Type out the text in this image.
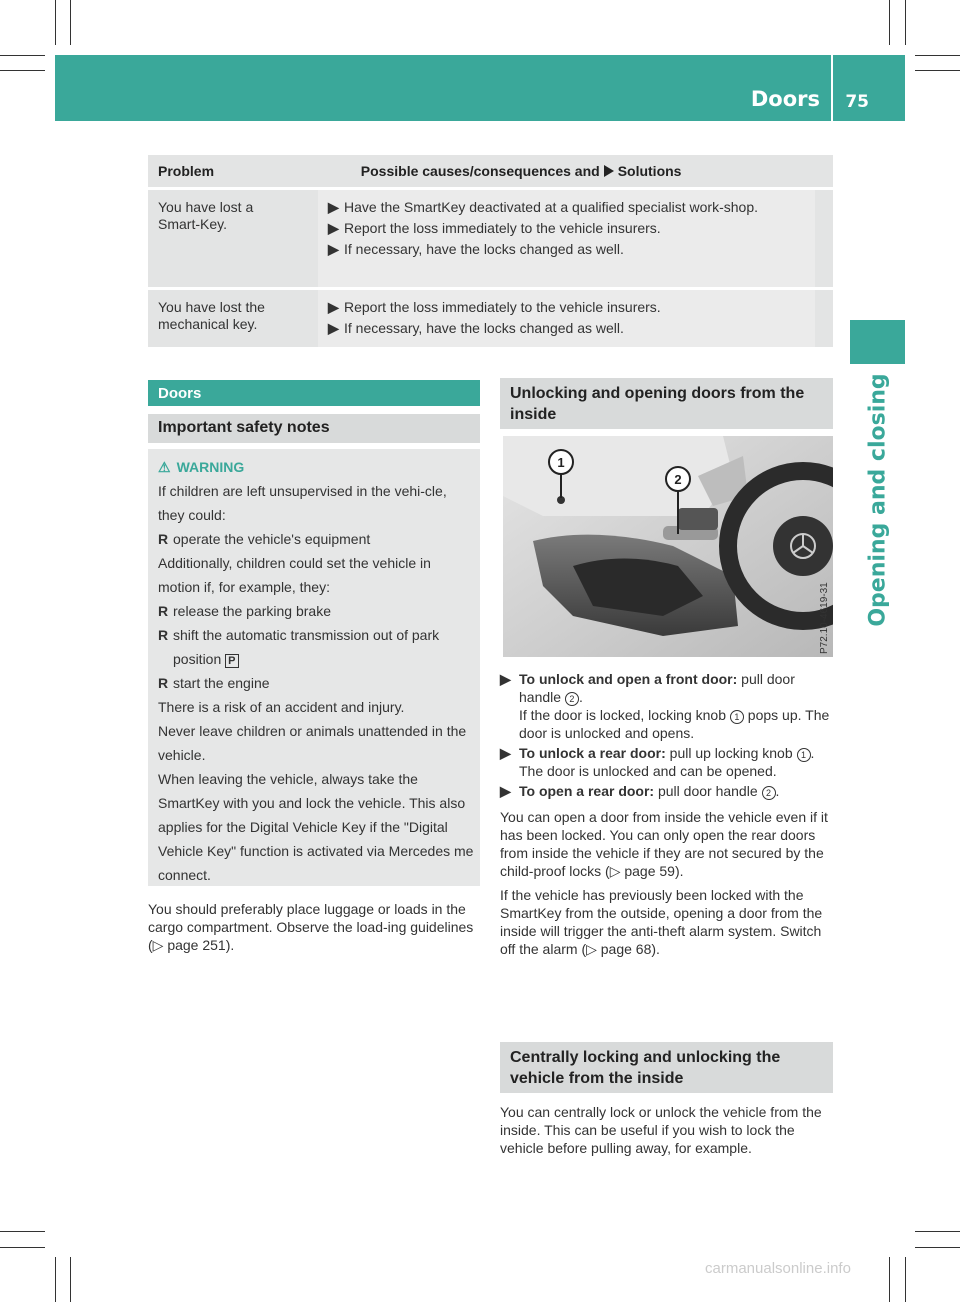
Doors 75
Opening and closing
Problem	Possible causes/consequences and Solutions
You have lost a Smart-Key.
▶ Have the SmartKey deactivated at a qualified specialist work-shop.
▶ Report the loss immediately to the vehicle insurers.
▶ If necessary, have the locks changed as well.
You have lost the mechanical key.
▶ Report the loss immediately to the vehicle insurers.
▶ If necessary, have the locks changed as well.
Doors
Important safety notes
⚠ WARNING
If children are left unsupervised in the vehi-cle, they could:
R operate the vehicle's equipment
Additionally, children could set the vehicle in motion if, for example, they:
R release the parking brake
R shift the automatic transmission out of park position P
R start the engine
There is a risk of an accident and injury.
Never leave children or animals unattended in the vehicle.
When leaving the vehicle, always take the SmartKey with you and lock the vehicle. This also applies for the Digital Vehicle Key if the "Digital Vehicle Key" function is activated via Mercedes me connect.
You should preferably place luggage or loads in the cargo compartment. Observe the load-ing guidelines (▷ page 251).
Unlocking and opening doors from the inside
1
2
P72.10-4619-31
▶ To unlock and open a front door: pull door handle 2 .
If the door is locked, locking knob 1 pops up. The door is unlocked and opens.
▶ To unlock a rear door: pull up locking knob 1 .
The door is unlocked and can be opened.
▶ To open a rear door: pull door handle 2 .

You can open a door from inside the vehicle even if it has been locked. You can only open the rear doors from inside the vehicle if they are not secured by the child-proof locks (▷ page 59).

If the vehicle has previously been locked with the SmartKey from the outside, opening a door from the inside will trigger the anti-theft alarm system. Switch off the alarm (▷ page 68).

Centrally locking and unlocking the vehicle from the inside
You can centrally lock or unlock the vehicle from the inside. This can be useful if you wish to lock the vehicle before pulling away, for example.
carmanualsonline.info
